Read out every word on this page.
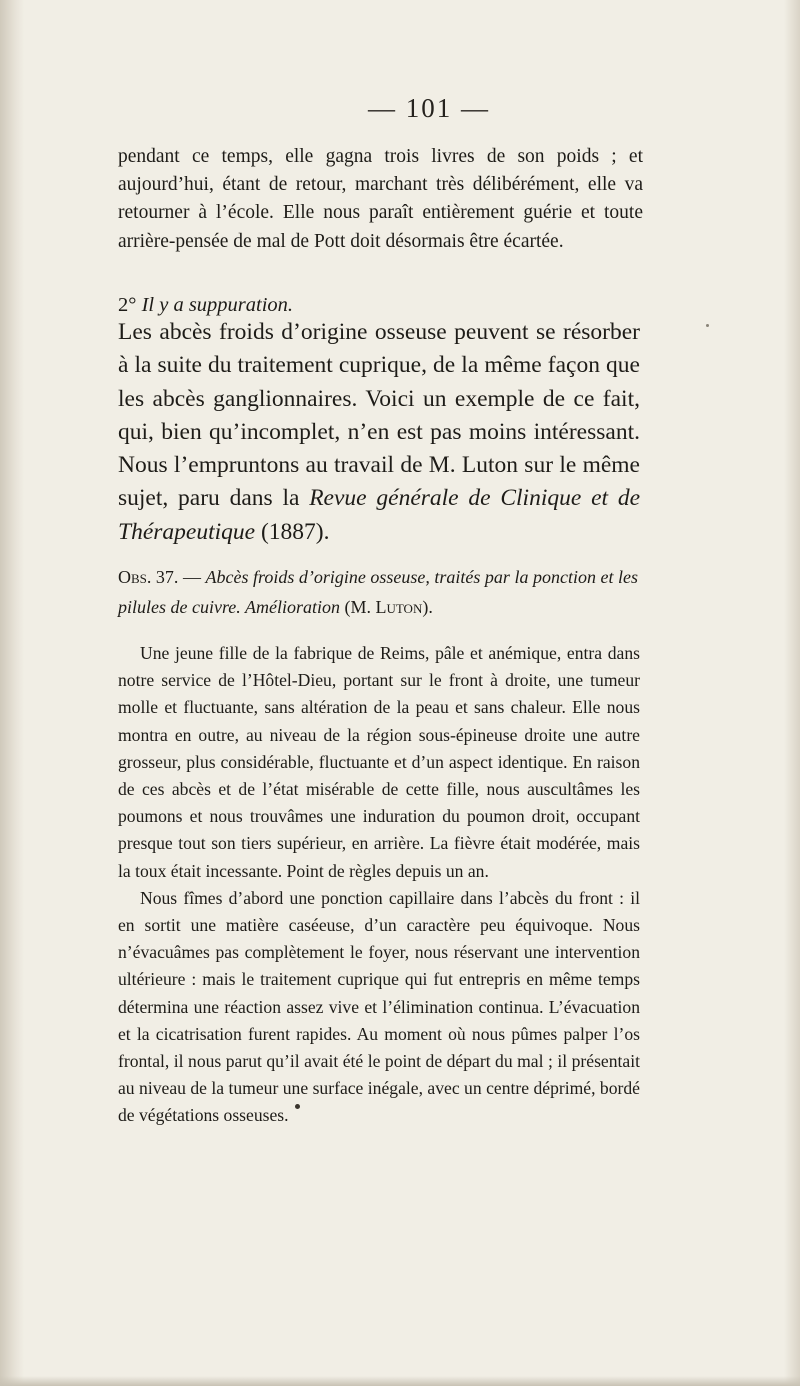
— 101 —

pendant ce temps, elle gagna trois livres de son poids ; et aujourd’hui, étant de retour, marchant très délibérément, elle va retourner à l’école. Elle nous paraît entièrement guérie et toute arrière-pensée de mal de Pott doit désormais être écartée.

2° Il y a suppuration.

Les abcès froids d’origine osseuse peuvent se résorber à la suite du traitement cuprique, de la même façon que les abcès ganglionnaires. Voici un exemple de ce fait, qui, bien qu’incomplet, n’en est pas moins intéressant. Nous l’empruntons au travail de M. Luton sur le même sujet, paru dans la Revue générale de Clinique et de Thérapeutique (1887).

Obs. 37. — Abcès froids d’origine osseuse, traités par la ponction et les pilules de cuivre. Amélioration (M. Luton).

Une jeune fille de la fabrique de Reims, pâle et anémique, entra dans notre service de l’Hôtel-Dieu, portant sur le front à droite, une tumeur molle et fluctuante, sans altération de la peau et sans chaleur. Elle nous montra en outre, au niveau de la région sous-épineuse droite une autre grosseur, plus considérable, fluctuante et d’un aspect identique. En raison de ces abcès et de l’état misérable de cette fille, nous auscultâmes les poumons et nous trouvâmes une induration du poumon droit, occupant presque tout son tiers supérieur, en arrière. La fièvre était modérée, mais la toux était incessante. Point de règles depuis un an.

Nous fîmes d’abord une ponction capillaire dans l’abcès du front : il en sortit une matière caséeuse, d’un caractère peu équivoque. Nous n’évacuâmes pas complètement le foyer, nous réservant une intervention ultérieure : mais le traitement cuprique qui fut entrepris en même temps détermina une réaction assez vive et l’élimination continua. L’évacuation et la cicatrisation furent rapides. Au moment où nous pûmes palper l’os frontal, il nous parut qu’il avait été le point de départ du mal ; il présentait au niveau de la tumeur une surface inégale, avec un centre déprimé, bordé de végétations osseuses.
